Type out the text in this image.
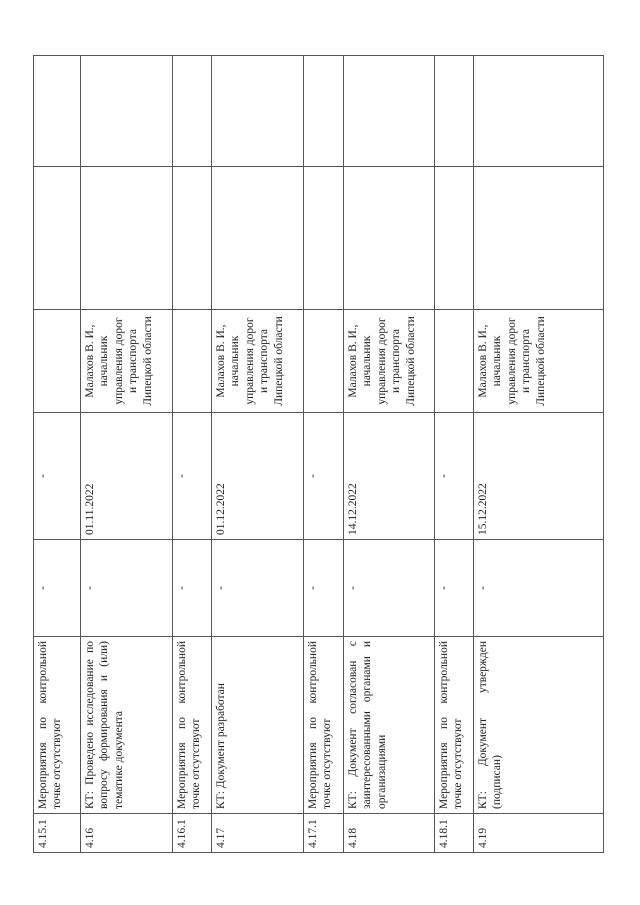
4.15.1	Мероприятия по контрольной точке отсутствуют	-	-			
4.16	КТ: Проведено исследование по вопросу формирования и (или) тематике документа	-	01.11.2022	Малахов В. И., начальник управления дорог и транспорта Липецкой области		
4.16.1	Мероприятия по контрольной точке отсутствуют	-	-			
4.17	КТ: Документ разработан	-	01.12.2022	Малахов В. И., начальник управления дорог и транспорта Липецкой области		
4.17.1	Мероприятия по контрольной точке отсутствуют	-	-			
4.18	КТ: Документ согласован с заинтересованными органами и организациями	-	14.12.2022	Малахов В. И., начальник управления дорог и транспорта Липецкой области		
4.18.1	Мероприятия по контрольной точке отсутствуют	-	-			
4.19	КТ: Документ утвержден (подписан)	-	15.12.2022	Малахов В. И., начальник управления дорог и транспорта Липецкой области		
